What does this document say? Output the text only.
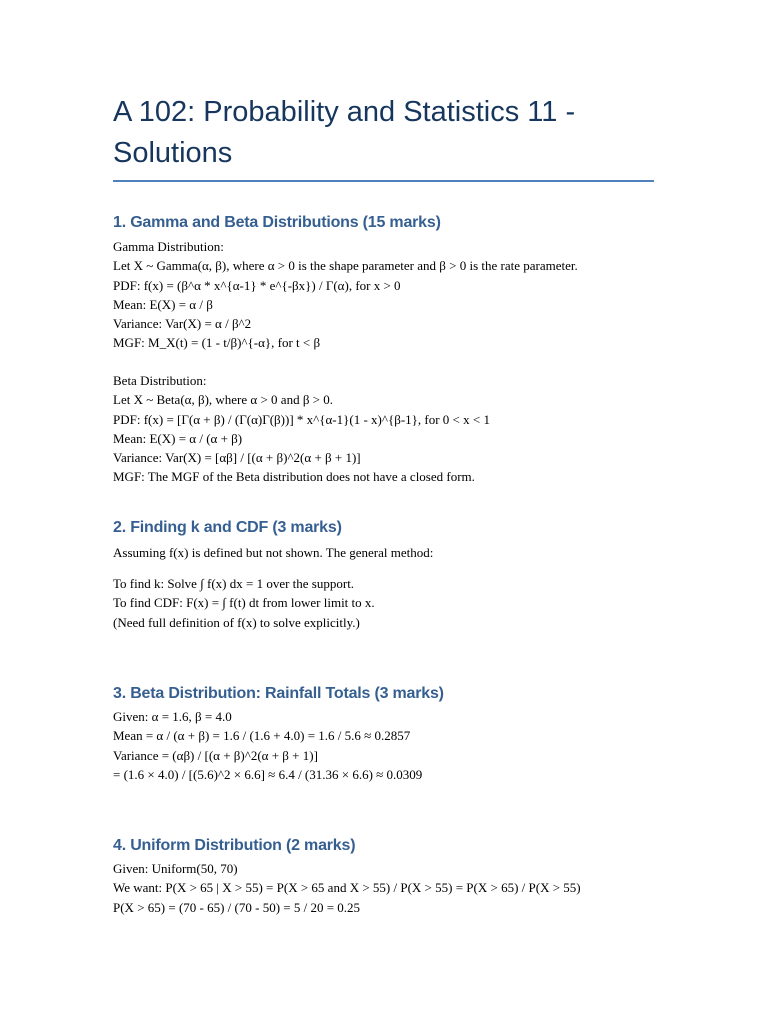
A 102: Probability and Statistics 11 - Solutions
1. Gamma and Beta Distributions (15 marks)
Gamma Distribution:
Let X ~ Gamma(α, β), where α > 0 is the shape parameter and β > 0 is the rate parameter.
PDF: f(x) = (β^α * x^{α-1} * e^{-βx}) / Γ(α), for x > 0
Mean: E(X) = α / β
Variance: Var(X) = α / β^2
MGF: M_X(t) = (1 - t/β)^{-α}, for t < β
Beta Distribution:
Let X ~ Beta(α, β), where α > 0 and β > 0.
PDF: f(x) = [Γ(α + β) / (Γ(α)Γ(β))] * x^{α-1}(1 - x)^{β-1}, for 0 < x < 1
Mean: E(X) = α / (α + β)
Variance: Var(X) = [αβ] / [(α + β)^2(α + β + 1)]
MGF: The MGF of the Beta distribution does not have a closed form.
2. Finding k and CDF (3 marks)
Assuming f(x) is defined but not shown. The general method:
To find k: Solve ∫ f(x) dx = 1 over the support.
To find CDF: F(x) = ∫ f(t) dt from lower limit to x.
(Need full definition of f(x) to solve explicitly.)
3. Beta Distribution: Rainfall Totals (3 marks)
Given: α = 1.6, β = 4.0
Mean = α / (α + β) = 1.6 / (1.6 + 4.0) = 1.6 / 5.6 ≈ 0.2857
Variance = (αβ) / [(α + β)^2(α + β + 1)]
= (1.6 × 4.0) / [(5.6)^2 × 6.6] ≈ 6.4 / (31.36 × 6.6) ≈ 0.0309
4. Uniform Distribution (2 marks)
Given: Uniform(50, 70)
We want: P(X > 65 | X > 55) = P(X > 65 and X > 55) / P(X > 55) = P(X > 65) / P(X > 55)
P(X > 65) = (70 - 65) / (70 - 50) = 5 / 20 = 0.25
